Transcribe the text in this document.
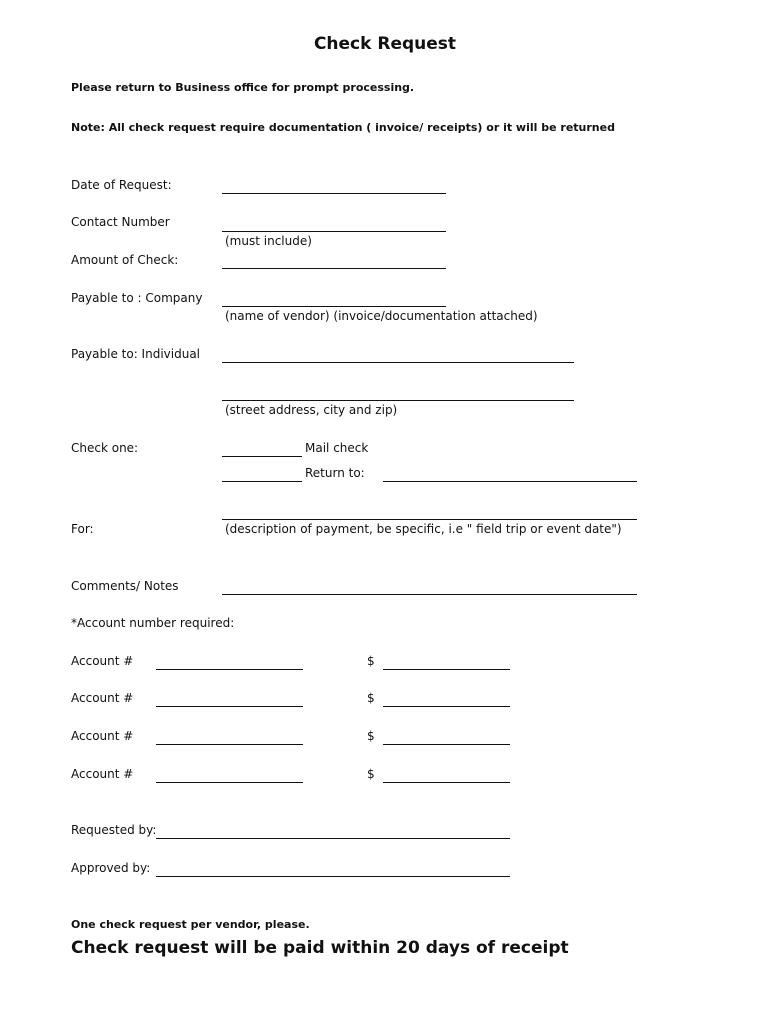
Check Request
Please return to Business office for prompt processing.
Note: All check request require documentation ( invoice/ receipts) or it will be returned
Date of Request:
Contact Number
(must include)
Amount of Check:
Payable to : Company
(name of vendor) (invoice/documentation attached)
Payable to: Individual
(street address, city and zip)
Check one:	Mail check
Return to:
For:	(description of payment, be specific, i.e " field trip or event date")
Comments/ Notes
*Account number required:
Account #	$
Account #	$
Account #	$
Account #	$
Requested by:
Approved by:
One check request per vendor, please.
Check request will be paid within 20 days of receipt
